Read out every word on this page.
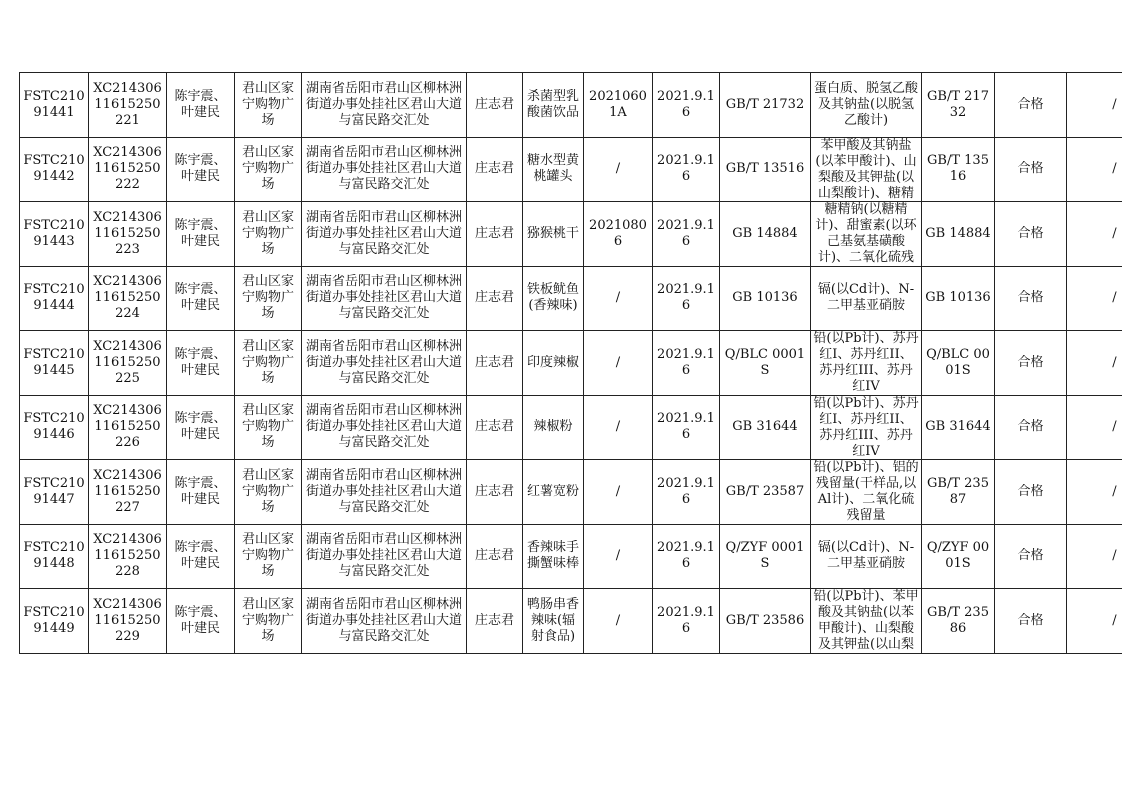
FSTC21091441	XC21430611615250221	陈宇震、叶建民	君山区家宁购物广场	湖南省岳阳市君山区柳林洲街道办事处挂社区君山大道与富民路交汇处	庄志君	杀菌型乳酸菌饮品	20210601A	2021.9.16	GB/T 21732	蛋白质、脱氢乙酸及其钠盐(以脱氢乙酸计)	GB/T 21732	合格	/

FSTC21091442	XC21430611615250222	陈宇震、叶建民	君山区家宁购物广场	湖南省岳阳市君山区柳林洲街道办事处挂社区君山大道与富民路交汇处	庄志君	糖水型黄桃罐头	/	2021.9.16	GB/T 13516	苯甲酸及其钠盐(以苯甲酸计)、山梨酸及其钾盐(以山梨酸计)、糖精	GB/T 13516	合格	/

FSTC21091443	XC21430611615250223	陈宇震、叶建民	君山区家宁购物广场	湖南省岳阳市君山区柳林洲街道办事处挂社区君山大道与富民路交汇处	庄志君	猕猴桃干	20210806	2021.9.16	GB 14884	糖精钠(以糖精计)、甜蜜素(以环己基氨基磺酸计)、二氧化硫残	GB 14884	合格	/

FSTC21091444	XC21430611615250224	陈宇震、叶建民	君山区家宁购物广场	湖南省岳阳市君山区柳林洲街道办事处挂社区君山大道与富民路交汇处	庄志君	铁板鱿鱼(香辣味)	/	2021.9.16	GB 10136	镉(以Cd计)、N-二甲基亚硝胺	GB 10136	合格	/

FSTC21091445	XC21430611615250225	陈宇震、叶建民	君山区家宁购物广场	湖南省岳阳市君山区柳林洲街道办事处挂社区君山大道与富民路交汇处	庄志君	印度辣椒	/	2021.9.16	Q/BLC 0001S	铅(以Pb计)、苏丹红I、苏丹红II、苏丹红III、苏丹红IV	Q/BLC 0001S	合格	/

FSTC21091446	XC21430611615250226	陈宇震、叶建民	君山区家宁购物广场	湖南省岳阳市君山区柳林洲街道办事处挂社区君山大道与富民路交汇处	庄志君	辣椒粉	/	2021.9.16	GB 31644	铅(以Pb计)、苏丹红I、苏丹红II、苏丹红III、苏丹红IV	GB 31644	合格	/

FSTC21091447	XC21430611615250227	陈宇震、叶建民	君山区家宁购物广场	湖南省岳阳市君山区柳林洲街道办事处挂社区君山大道与富民路交汇处	庄志君	红薯宽粉	/	2021.9.16	GB/T 23587	铅(以Pb计)、铝的残留量(干样品,以Al计)、二氧化硫残留量	GB/T 23587	合格	/

FSTC21091448	XC21430611615250228	陈宇震、叶建民	君山区家宁购物广场	湖南省岳阳市君山区柳林洲街道办事处挂社区君山大道与富民路交汇处	庄志君	香辣味手撕蟹味棒	/	2021.9.16	Q/ZYF 0001S	镉(以Cd计)、N-二甲基亚硝胺	Q/ZYF 0001S	合格	/

FSTC21091449	XC21430611615250229	陈宇震、叶建民	君山区家宁购物广场	湖南省岳阳市君山区柳林洲街道办事处挂社区君山大道与富民路交汇处	庄志君	鸭肠串香辣味(辐射食品)	/	2021.9.16	GB/T 23586	铅(以Pb计)、苯甲酸及其钠盐(以苯甲酸计)、山梨酸及其钾盐(以山梨	GB/T 23586	合格	/
